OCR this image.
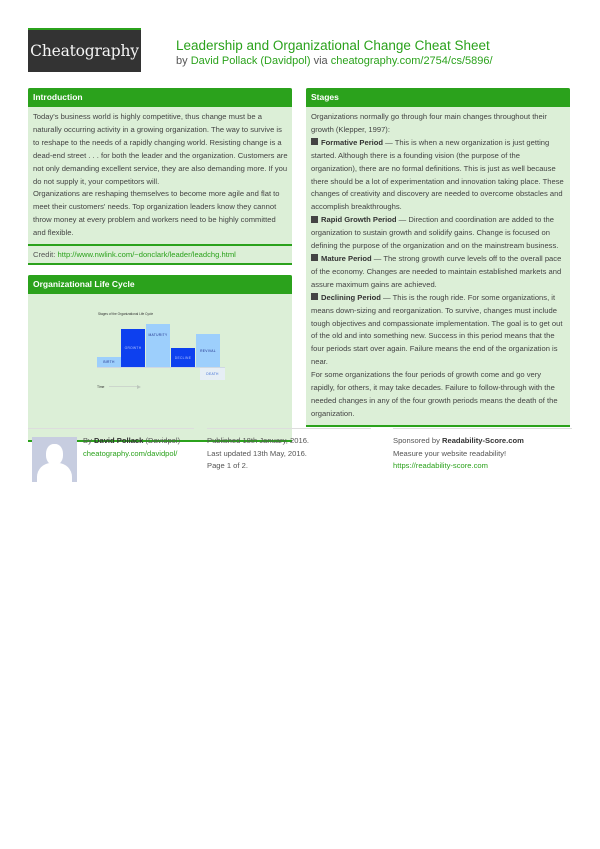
Cheatography	Leadership and Organizational Change Cheat Sheet
by David Pollack (Davidpol) via cheatography.com/2754/cs/5896/
Introduction
Today's business world is highly competitive, thus change must be a naturally occurring activity in a growing organization. The way to survive is to reshape to the needs of a rapidly changing world. Resisting change is a dead-end street . . . for both the leader and the organization. Customers are not only demanding excellent service, they are also demanding more. If you do not supply it, your competitors will.
Organizations are reshaping themselves to become more agile and flat to meet their customers' needs. Top organization leaders know they cannot throw money at every problem and workers need to be highly committed and flexible.
Credit: http://www.nwlink.com/~donclark/leader/leadchg.html
Organizational Life Cycle
Stages of the Organizational Life Cycle
BIRTH
GROWTH
MATURITY
DECLINE
REVIVAL
DEATH
Time
Stages
Organizations normally go through four main changes throughout their growth (Klepper, 1997):
Formative Period — This is when a new organization is just getting started. Although there is a founding vision (the purpose of the organization), there are no formal definitions. This is just as well because there should be a lot of experimentation and innovation taking place. These changes of creativity and discovery are needed to overcome obstacles and accomplish breakthroughs.
Rapid Growth Period — Direction and coordination are added to the organization to sustain growth and solidify gains. Change is focused on defining the purpose of the organization and on the mainstream business.
Mature Period — The strong growth curve levels off to the overall pace of the economy. Changes are needed to maintain established markets and assure maximum gains are achieved.
Declining Period — This is the rough ride. For some organizations, it means down-sizing and reorganization. To survive, changes must include tough objectives and compassionate implementation. The goal is to get out of the old and into something new. Success in this period means that the four periods start over again. Failure means the end of the organization is near.
For some organizations the four periods of growth come and go very rapidly, for others, it may take decades. Failure to follow-through with the needed changes in any of the four growth periods means the death of the organization.
By David Pollack (Davidpol)
cheatography.com/davidpol/
Published 18th January, 2016.
Last updated 13th May, 2016.
Page 1 of 2.
Sponsored by Readability-Score.com
Measure your website readability!
https://readability-score.com
